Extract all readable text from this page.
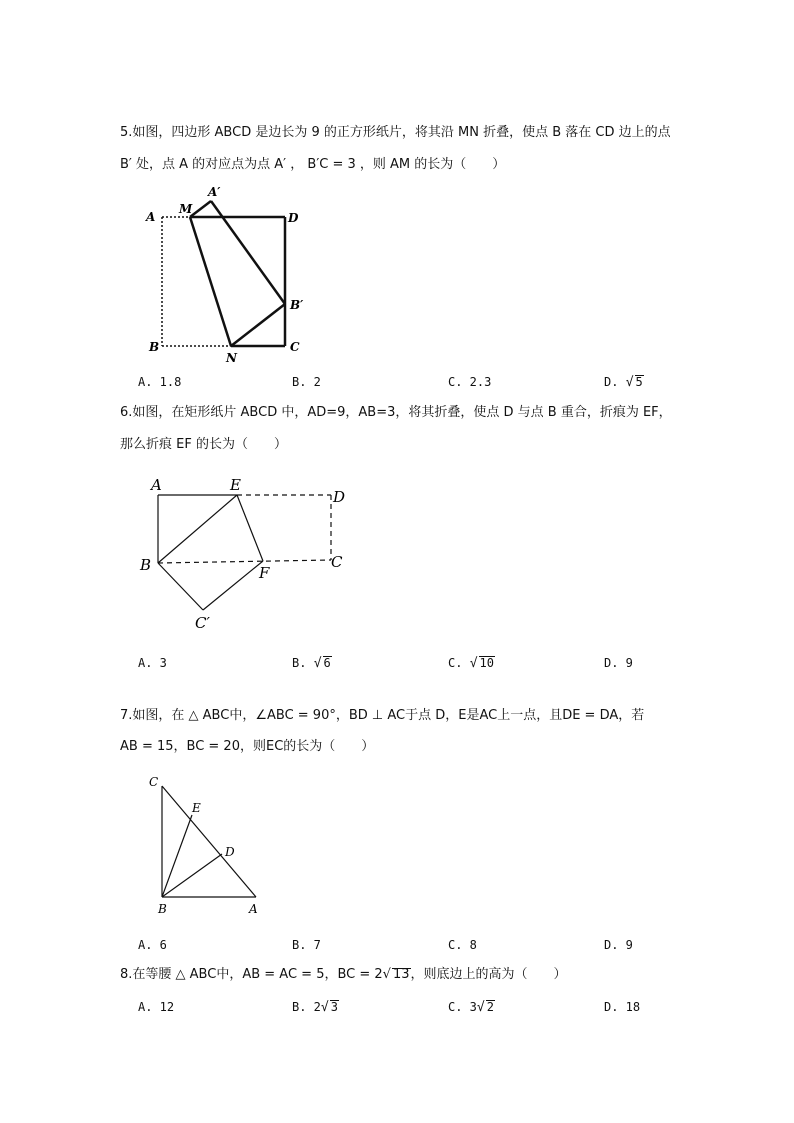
5.如图，四边形 ABCD 是边长为 9 的正方形纸片，将其沿 MN 折叠，使点 B 落在 CD 边上的点
B′ 处，点 A 的对应点为点 A′ ， B′C = 3 ，则 AM 的长为（　　）
A
M
A′
D
B′
B
N
C
A. 1.8	B. 2	C. 2.3	D. √ 5
6.如图，在矩形纸片 ABCD 中，AD=9，AB=3，将其折叠，使点 D 与点 B 重合，折痕为 EF，
那么折痕 EF 的长为（　　）
A	E
D
B	F
C
C′
A. 3	B. √ 6	C. √ 10	D. 9
7.如图，在 △ ABC中，∠ABC = 90°，BD ⊥ AC于点 D，E是AC上一点，且DE = DA，若
AB = 15，BC = 20，则EC的长为（　　）
C
E
D
B	A
A. 6	B. 7	C. 8	D. 9
8.在等腰 △ ABC中，AB = AC = 5，BC = 2√ 13，则底边上的高为（　　）
A. 12	B. 2√ 3	C. 3√ 2	D. 18
